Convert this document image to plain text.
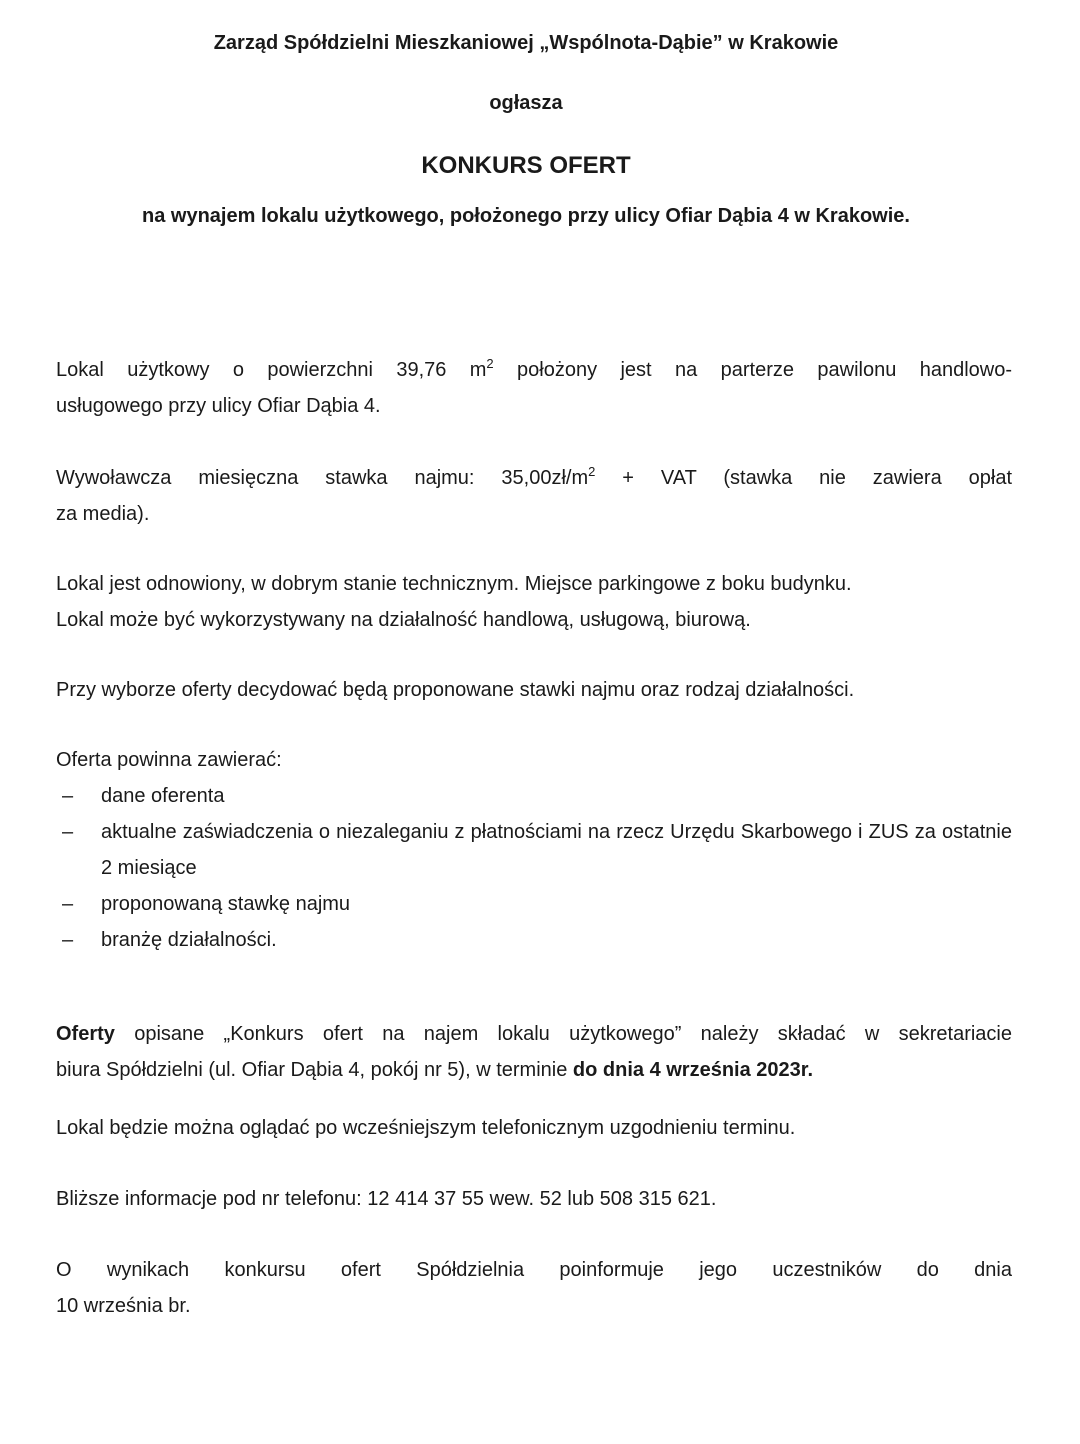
Zarząd Spółdzielni Mieszkaniowej „Wspólnota-Dąbie” w Krakowie
ogłasza
KONKURS OFERT
na wynajem lokalu użytkowego, położonego przy ulicy Ofiar Dąbia 4 w Krakowie.
Lokal użytkowy o powierzchni 39,76 $m^2$ położony jest na parterze pawilonu handlowo-
usługowego przy ulicy Ofiar Dąbia 4.
Wywoławcza miesięczna stawka najmu: $35,00zł/m^2$ + VAT (stawka nie zawiera opłat
za media).
Lokal jest odnowiony, w dobrym stanie technicznym. Miejsce parkingowe z boku budynku.
Lokal może być wykorzystywany na działalność handlową, usługową, biurową.
Przy wyborze oferty decydować będą proponowane stawki najmu oraz rodzaj działalności.
Oferta powinna zawierać:
– dane oferenta
– aktualne zaświadczenia o niezaleganiu z płatnościami na rzecz Urzędu Skarbowego i ZUS za ostatnie 2 miesiące
– proponowaną stawkę najmu
– branżę działalności.
Oferty opisane „Konkurs ofert na najem lokalu użytkowego” należy składać w sekretariacie
biura Spółdzielni (ul. Ofiar Dąbia 4, pokój nr 5), w terminie do dnia 4 września 2023r.
Lokal będzie można oglądać po wcześniejszym telefonicznym uzgodnieniu terminu.
Bliższe informacje pod nr telefonu: 12 414 37 55 wew. 52 lub 508 315 621.
O wynikach konkursu ofert Spółdzielnia poinformuje jego uczestników do dnia
10 września br.
